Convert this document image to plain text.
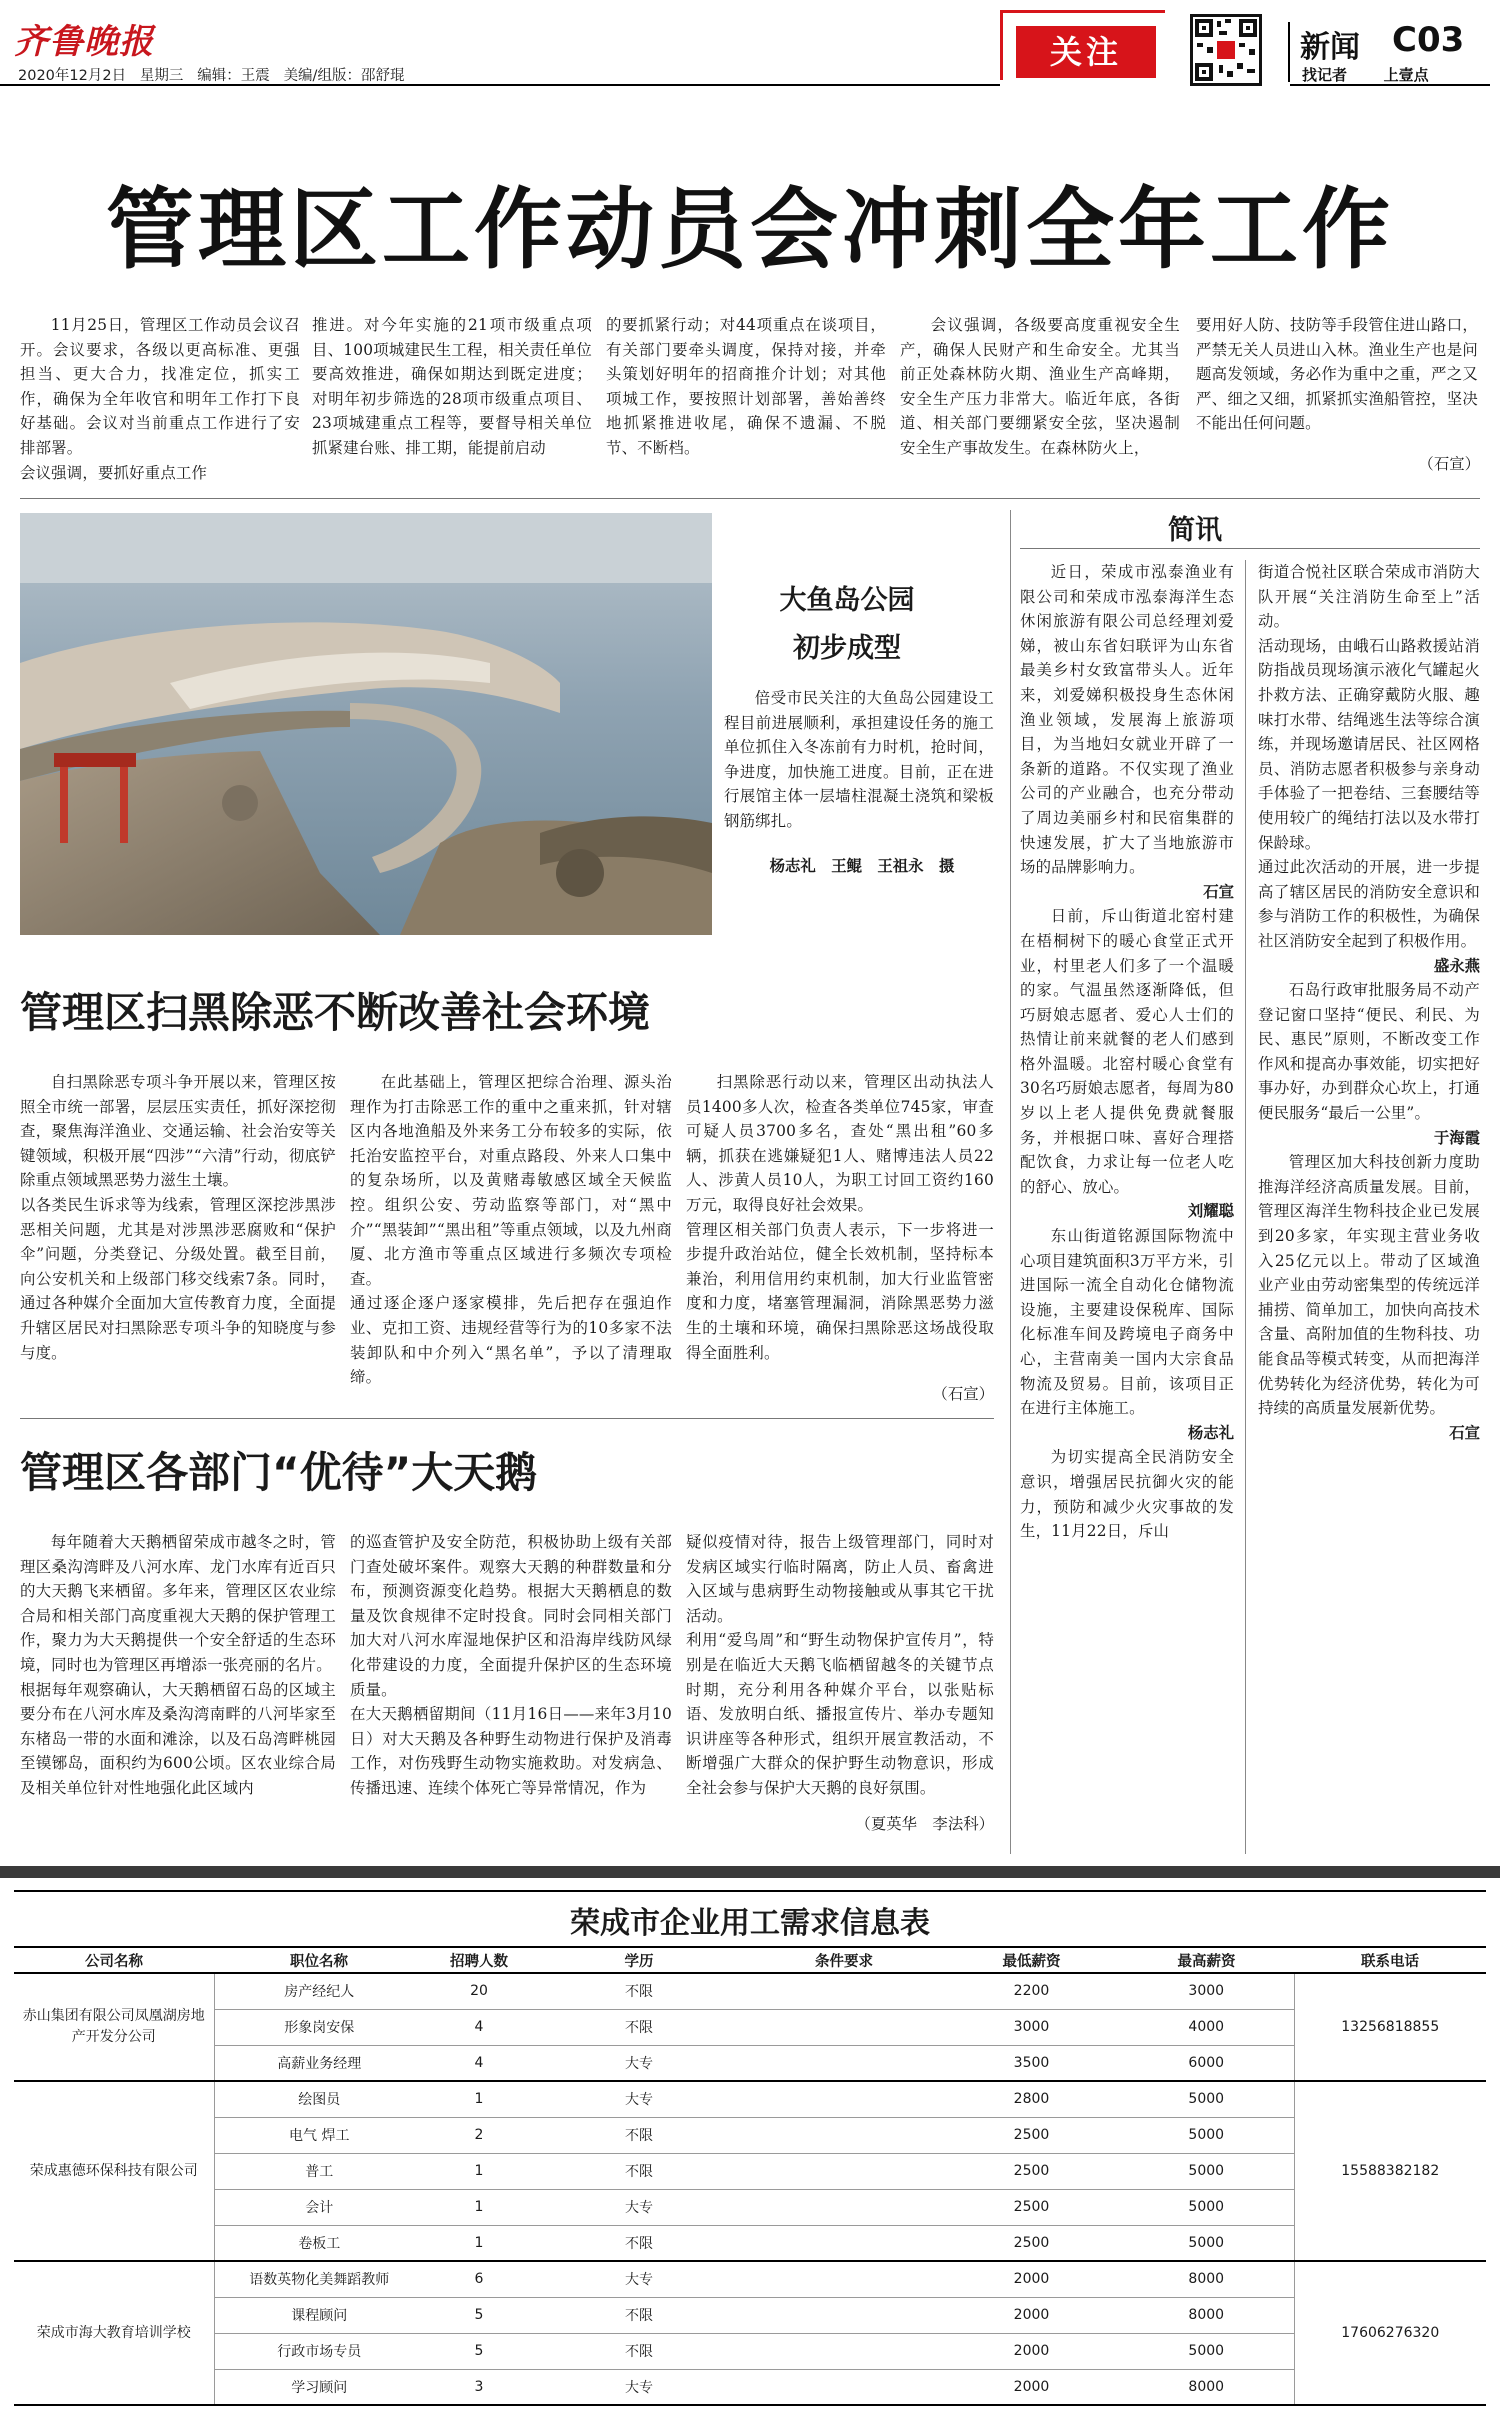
齐鲁晚报
2020年12月2日 星期三 编辑：王震 美编/组版：邵舒琨
关注	新闻 C03
找记者 上壹点
管理区工作动员会冲刺全年工作
11月25日，管理区工作动员会议召开。会议要求，各级以更高标准、更强担当、更大合力，找准定位，抓实工作，确保为全年收官和明年工作打下良好基础。会议对当前重点工作进行了安排部署。
会议强调，要抓好重点工作
推进。对今年实施的21项市级重点项目、100项城建民生工程，相关责任单位要高效推进，确保如期达到既定进度；对明年初步筛选的28项市级重点项目、23项城建重点工程等，要督导相关单位抓紧建台账、排工期，能提前启动
的要抓紧行动；对44项重点在谈项目，有关部门要牵头调度，保持对接，并牵头策划好明年的招商推介计划；对其他项城工作，要按照计划部署，善始善终地抓紧推进收尾，确保不遗漏、不脱节、不断档。
会议强调，各级要高度重视安全生产，确保人民财产和生命安全。尤其当前正处森林防火期、渔业生产高峰期，安全生产压力非常大。临近年底，各街道、相关部门要绷紧安全弦，坚决遏制安全生产事故发生。在森林防火上，
要用好人防、技防等手段管住进山路口，严禁无关人员进山入林。渔业生产也是问题高发领域，务必作为重中之重，严之又严、细之又细，抓紧抓实渔船管控，坚决不能出任何问题。
（石宣）
大鱼岛公园
初步成型
倍受市民关注的大鱼岛公园建设工程目前进展顺利，承担建设任务的施工单位抓住入冬冻前有力时机，抢时间，争进度，加快施工进度。目前，正在进行展馆主体一层墙柱混凝土浇筑和梁板钢筋绑扎。
杨志礼　王鲲　王祖永　摄
管理区扫黑除恶不断改善社会环境
自扫黑除恶专项斗争开展以来，管理区按照全市统一部署，层层压实责任，抓好深挖彻查，聚焦海洋渔业、交通运输、社会治安等关键领域，积极开展“四涉”“六清”行动，彻底铲除重点领域黑恶势力滋生土壤。
以各类民生诉求等为线索，管理区深挖涉黑涉恶相关问题，尤其是对涉黑涉恶腐败和“保护伞”问题，分类登记、分级处置。截至目前，向公安机关和上级部门移交线索7条。同时，通过各种媒介全面加大宣传教育力度，全面提升辖区居民对扫黑除恶专项斗争的知晓度与参与度。
在此基础上，管理区把综合治理、源头治理作为打击除恶工作的重中之重来抓，针对辖区内各地渔船及外来务工分布较多的实际，依托治安监控平台，对重点路段、外来人口集中的复杂场所，以及黄赌毒敏感区域全天候监控。组织公安、劳动监察等部门，对“黑中介”“黑装卸”“黑出租”等重点领域，以及九州商厦、北方渔市等重点区域进行多频次专项检查。
通过逐企逐户逐家模排，先后把存在强迫作业、克扣工资、违规经营等行为的10多家不法装卸队和中介列入“黑名单”，予以了清理取缔。
扫黑除恶行动以来，管理区出动执法人员1400多人次，检查各类单位745家，审查可疑人员3700多名，查处“黑出租”60多辆，抓获在逃嫌疑犯1人、赌博违法人员22人、涉黄人员10人，为职工讨回工资约160万元，取得良好社会效果。
管理区相关部门负责人表示，下一步将进一步提升政治站位，健全长效机制，坚持标本兼治，利用信用约束机制，加大行业监管密度和力度，堵塞管理漏洞，消除黑恶势力滋生的土壤和环境，确保扫黑除恶这场战役取得全面胜利。
（石宣）
管理区各部门“优待”大天鹅
每年随着大天鹅栖留荣成市越冬之时，管理区桑沟湾畔及八河水库、龙门水库有近百只的大天鹅飞来栖留。多年来，管理区区农业综合局和相关部门高度重视大天鹅的保护管理工作，聚力为大天鹅提供一个安全舒适的生态环境，同时也为管理区再增添一张亮丽的名片。
根据每年观察确认，大天鹅栖留石岛的区域主要分布在八河水库及桑沟湾南畔的八河毕家至东楮岛一带的水面和滩涂，以及石岛湾畔桃园至镆铘岛，面积约为600公顷。区农业综合局及相关单位针对性地强化此区域内
的巡查管护及安全防范，积极协助上级有关部门查处破坏案件。观察大天鹅的种群数量和分布，预测资源变化趋势。根据大天鹅栖息的数量及饮食规律不定时投食。同时会同相关部门加大对八河水库湿地保护区和沿海岸线防风绿化带建设的力度，全面提升保护区的生态环境质量。
在大天鹅栖留期间（11月16日——来年3月10日）对大天鹅及各种野生动物进行保护及消毒工作，对伤残野生动物实施救助。对发病急、传播迅速、连续个体死亡等异常情况，作为
疑似疫情对待，报告上级管理部门，同时对发病区域实行临时隔离，防止人员、畜禽进入区域与患病野生动物接触或从事其它干扰活动。
利用“爱鸟周”和“野生动物保护宣传月”，特别是在临近大天鹅飞临栖留越冬的关键节点时期，充分利用各种媒介平台，以张贴标语、发放明白纸、播报宣传片、举办专题知识讲座等各种形式，组织开展宣教活动，不断增强广大群众的保护野生动物意识，形成全社会参与保护大天鹅的良好氛围。
（夏英华　李法科）
简讯
近日，荣成市泓泰渔业有限公司和荣成市泓泰海洋生态休闲旅游有限公司总经理刘爱娣，被山东省妇联评为山东省最美乡村女致富带头人。近年来，刘爱娣积极投身生态休闲渔业领域，发展海上旅游项目，为当地妇女就业开辟了一条新的道路。不仅实现了渔业公司的产业融合，也充分带动了周边美丽乡村和民宿集群的快速发展，扩大了当地旅游市场的品牌影响力。
石宣
日前，斥山街道北窑村建在梧桐树下的暖心食堂正式开业，村里老人们多了一个温暖的家。气温虽然逐渐降低，但巧厨娘志愿者、爱心人士们的热情让前来就餐的老人们感到格外温暖。北窑村暖心食堂有30名巧厨娘志愿者，每周为80岁以上老人提供免费就餐服务，并根据口味、喜好合理搭配饮食，力求让每一位老人吃的舒心、放心。
刘耀聪
东山街道铭源国际物流中心项目建筑面积3万平方米，引进国际一流全自动化仓储物流设施，主要建设保税库、国际化标准车间及跨境电子商务中心，主营南美一国内大宗食品物流及贸易。目前，该项目正在进行主体施工。
杨志礼
为切实提高全民消防安全意识，增强居民抗御火灾的能力，预防和减少火灾事故的发生，11月22日，斥山
街道合悦社区联合荣成市消防大队开展“关注消防生命至上”活动。
活动现场，由峨石山路救援站消防指战员现场演示液化气罐起火扑救方法、正确穿戴防火服、趣味打水带、结绳逃生法等综合演练，并现场邀请居民、社区网格员、消防志愿者积极参与亲身动手体验了一把卷结、三套腰结等使用较广的绳结打法以及水带打保龄球。
通过此次活动的开展，进一步提高了辖区居民的消防安全意识和参与消防工作的积极性，为确保社区消防安全起到了积极作用。
盛永燕
石岛行政审批服务局不动产登记窗口坚持“便民、利民、为民、惠民”原则，不断改变工作作风和提高办事效能，切实把好事办好，办到群众心坎上，打通便民服务“最后一公里”。
于海霞
管理区加大科技创新力度助推海洋经济高质量发展。目前，管理区海洋生物科技企业已发展到20多家，年实现主营业务收入25亿元以上。带动了区域渔业产业由劳动密集型的传统远洋捕捞、简单加工，加快向高技术含量、高附加值的生物科技、功能食品等模式转变，从而把海洋优势转化为经济优势，转化为可持续的高质量发展新优势。
石宣
荣成市企业用工需求信息表
公司名称	职位名称	招聘人数	学历	条件要求	最低薪资	最高薪资	联系电话
赤山集团有限公司凤凰湖房地产开发分公司	房产经纪人	20	不限		2200	3000	13256818855
	形象岗安保	4	不限		3000	4000	
	高薪业务经理	4	大专		3500	6000	
荣成惠德环保科技有限公司	绘图员	1	大专		2800	5000	15588382182
	电气 焊工	2	不限		2500	5000	
	普工	1	不限		2500	5000	
	会计	1	大专		2500	5000	
	卷板工	1	不限		2500	5000	
荣成市海大教育培训学校	语数英物化美舞蹈教师	6	大专		2000	8000	17606276320
	课程顾问	5	不限		2000	8000	
	行政市场专员	5	不限		2000	5000	
	学习顾问	3	大专		2000	8000	
